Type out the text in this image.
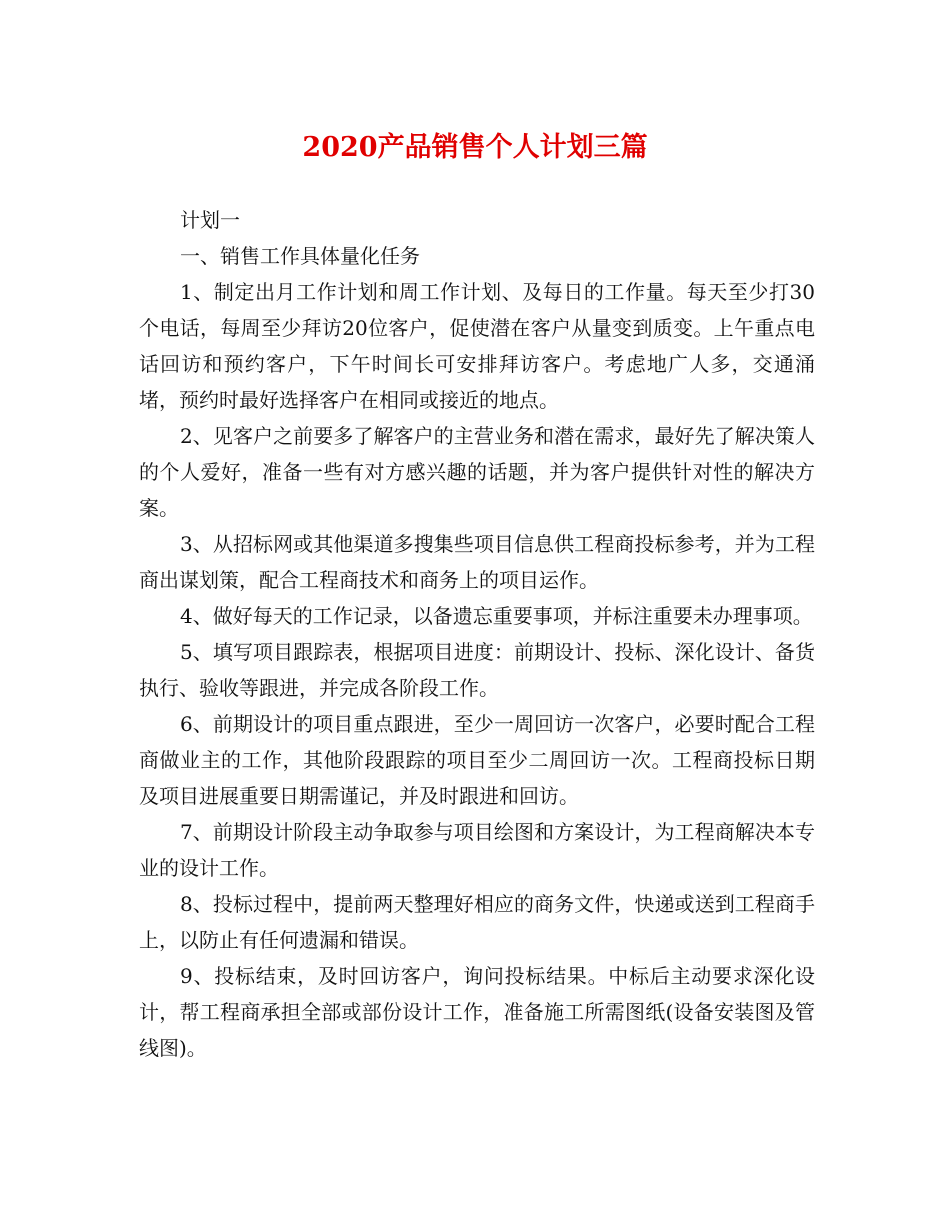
2020产品销售个人计划三篇

计划一

一、销售工作具体量化任务

1、制定出月工作计划和周工作计划、及每日的工作量。每天至少打30个电话，每周至少拜访20位客户，促使潜在客户从量变到质变。上午重点电话回访和预约客户，下午时间长可安排拜访客户。考虑地广人多，交通涌堵，预约时最好选择客户在相同或接近的地点。

2、见客户之前要多了解客户的主营业务和潜在需求，最好先了解决策人的个人爱好，准备一些有对方感兴趣的话题，并为客户提供针对性的解决方案。

3、从招标网或其他渠道多搜集些项目信息供工程商投标参考，并为工程商出谋划策，配合工程商技术和商务上的项目运作。

4、做好每天的工作记录，以备遗忘重要事项，并标注重要未办理事项。

5、填写项目跟踪表，根据项目进度：前期设计、投标、深化设计、备货执行、验收等跟进，并完成各阶段工作。

6、前期设计的项目重点跟进，至少一周回访一次客户，必要时配合工程商做业主的工作，其他阶段跟踪的项目至少二周回访一次。工程商投标日期及项目进展重要日期需谨记，并及时跟进和回访。

7、前期设计阶段主动争取参与项目绘图和方案设计，为工程商解决本专业的设计工作。

8、投标过程中，提前两天整理好相应的商务文件，快递或送到工程商手上，以防止有任何遗漏和错误。

9、投标结束，及时回访客户，询问投标结果。中标后主动要求深化设计，帮工程商承担全部或部份设计工作，准备施工所需图纸(设备安装图及管线图)。
